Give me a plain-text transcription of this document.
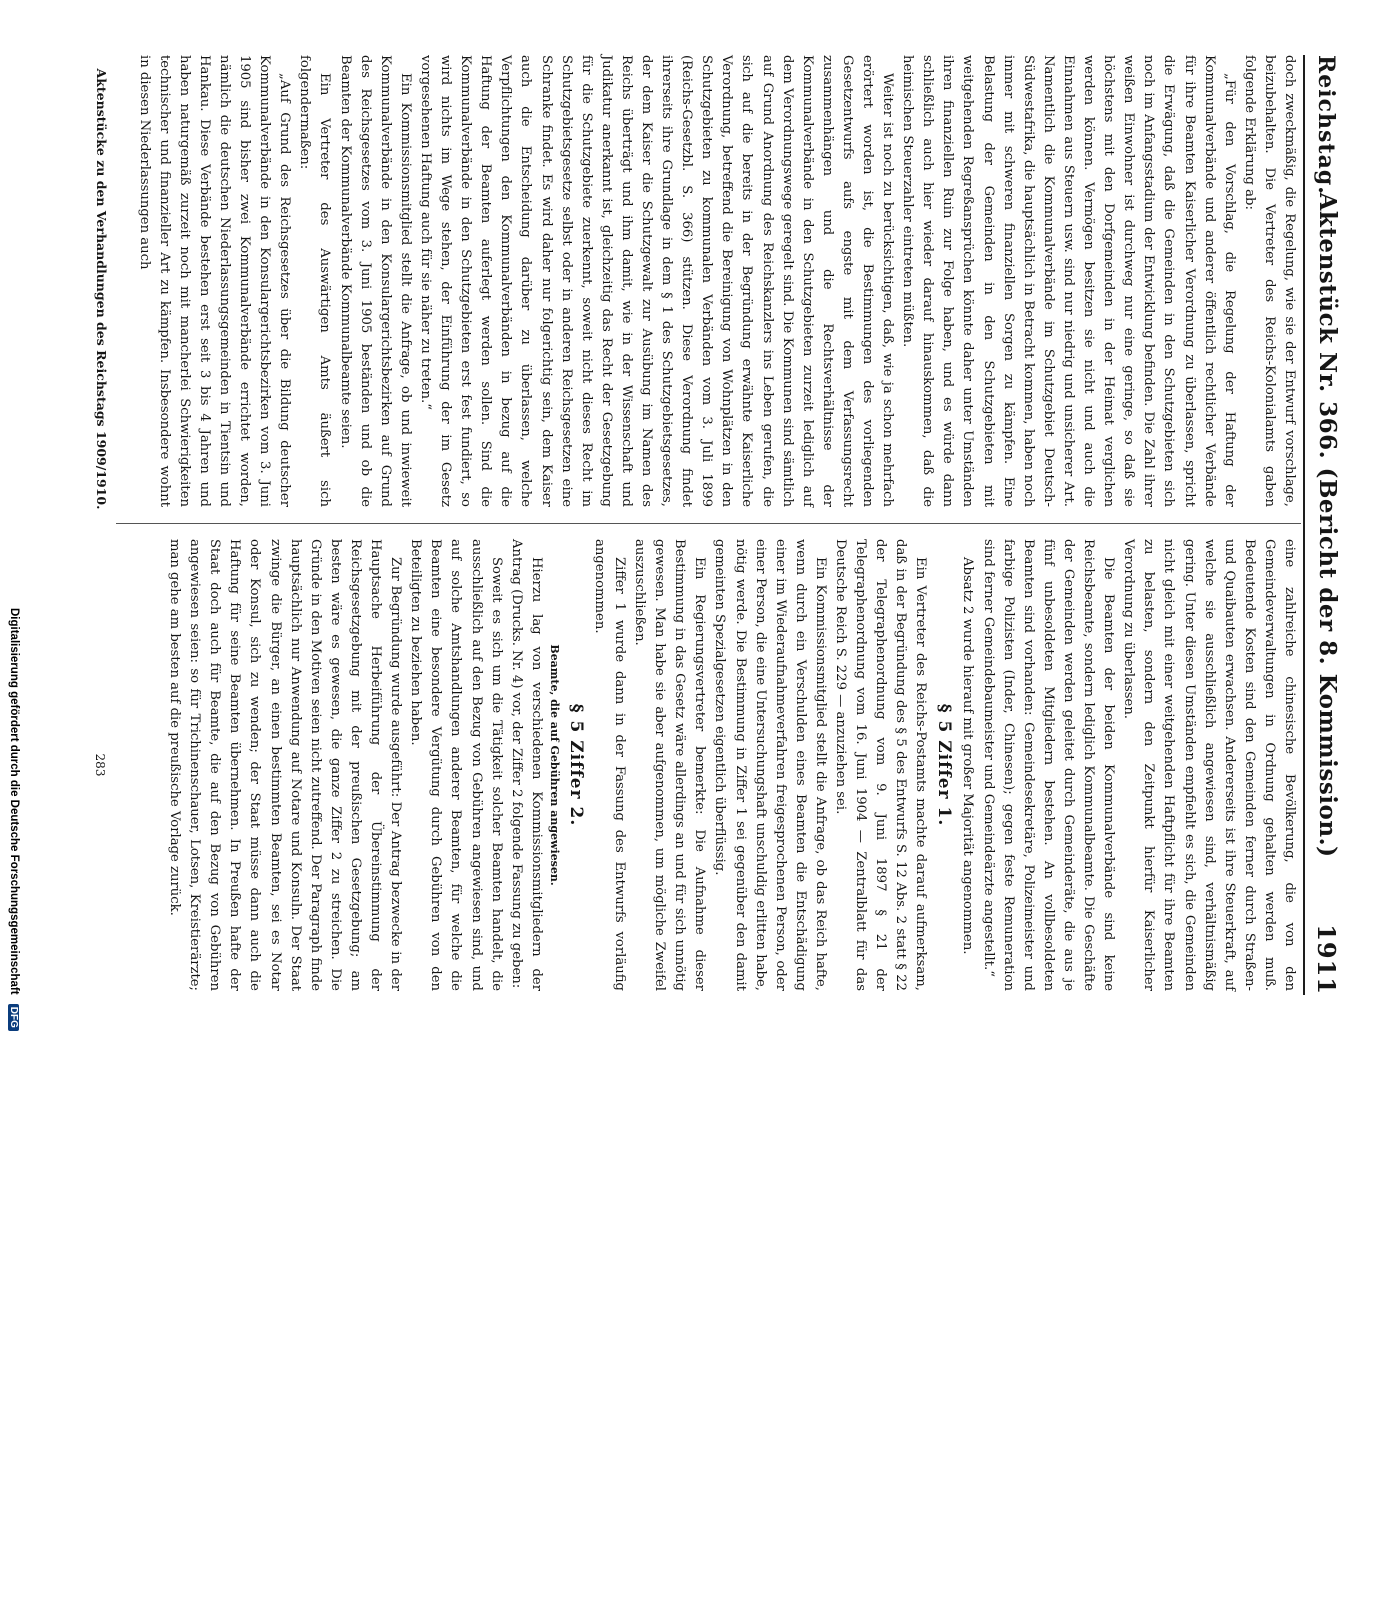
Digitalisierung gefördert durch die Deutsche Forschungsgemeinschaft DFG
Reichstag.
Aktenstück Nr. 366. (Bericht der 8. Kommission.)
1911

doch zweckmäßig, die Regelung, wie sie der Entwurf vorschlage, beizubehalten. Die Vertreter des Reichs-Kolonialamts gaben folgende Erklärung ab:

„Für den Vorschlag, die Regelung der Haftung der Kommunalverbände und anderer öffentlich rechtlicher Verbände für ihre Beamten Kaiserlicher Verordnung zu überlassen, spricht die Erwägung, daß die Gemeinden in den Schutzgebieten sich noch im Anfangsstadium der Entwicklung befinden. Die Zahl ihrer weißen Einwohner ist durchweg nur eine geringe, so daß sie höchstens mit den Dorfgemeinden in der Heimat verglichen werden können. Vermögen besitzen sie nicht und auch die Einnahmen aus Steuern usw. sind nur niedrig und unsicherer Art. Namentlich die Kommunalverbände im Schutzgebiet Deutsch-Südwestafrika, die hauptsächlich in Betracht kommen, haben noch immer mit schweren finanziellen Sorgen zu kämpfen. Eine Belastung der Gemeinden in den Schutzgebieten mit weitgehenden Regreßansprüchen könnte daher unter Umständen ihren finanziellen Ruin zur Folge haben, und es würde dann schließlich auch hier wieder darauf hinauskommen, daß die heimischen Steuerzahler eintreten müßten.

Weiter ist noch zu berücksichtigen, daß, wie ja schon mehrfach erörtert worden ist, die Bestimmungen des vorliegenden Gesetzentwurfs aufs engste mit dem Verfassungsrecht zusammenhängen und die Rechtsverhältnisse der Kommunalverbände in den Schutzgebieten zurzeit lediglich auf dem Verordnungswege geregelt sind. Die Kommunen sind sämtlich auf Grund Anordnung des Reichskanzlers ins Leben gerufen, die sich auf die bereits in der Begründung erwähnte Kaiserliche Verordnung, betreffend die Bereinigung von Wohnplätzen in den Schutzgebieten zu kommunalen Verbänden vom 3. Juli 1899 (Reichs-Gesetzbl. S. 366) stützen. Diese Verordnung findet ihrerseits ihre Grundlage in dem § 1 des Schutzgebietsgesetzes, der dem Kaiser die Schutzgewalt zur Ausübung im Namen des Reichs überträgt und ihm damit, wie in der Wissenschaft und Judikatur anerkannt ist, gleichzeitig das Recht der Gesetzgebung für die Schutzgebiete zuerkennt, soweit nicht dieses Recht im Schutzgebietsgesetze selbst oder in anderen Reichsgesetzen eine Schranke findet. Es wird daher nur folgerichtig sein, dem Kaiser auch die Entscheidung darüber zu überlassen, welche Verpflichtungen den Kommunalverbänden in bezug auf die Haftung der Beamten auferlegt werden sollen. Sind die Kommunalverbände in den Schutzgebieten erst fest fundiert, so wird nichts im Wege stehen, der Einführung der im Gesetz vorgesehenen Haftung auch für sie näher zu treten.“

Ein Kommissionsmitglied stellt die Anfrage, ob und inwieweit Kommunalverbände in den Konsulargerichtsbezirken auf Grund des Reichsgesetzes vom 3. Juni 1905 beständen und ob die Beamten der Kommunalverbände Kommunalbeamte seien.

Ein Vertreter des Auswärtigen Amts äußert sich folgendermaßen:

„Auf Grund des Reichsgesetzes über die Bildung deutscher Kommunalverbände in den Konsulargerichtsbezirken vom 3. Juni 1905 sind bisher zwei Kommunalverbände errichtet worden, nämlich die deutschen Niederlassungsgemeinden in Tientsin und Hankau. Diese Verbände bestehen erst seit 3 bis 4 Jahren und haben naturgemäß zurzeit noch mit mancherlei Schwierigkeiten technischer und finanzieller Art zu kämpfen. Insbesondere wohnt in diesen Niederlassungen auch

eine zahlreiche chinesische Bevölkerung, die von den Gemeindeverwaltungen in Ordnung gehalten werden muß. Bedeutende Kosten sind den Gemeinden ferner durch Straßen- und Quaibauten erwachsen. Andererseits ist ihre Steuerkraft, auf welche sie ausschließlich angewiesen sind, verhältnismäßig gering. Unter diesen Umständen empfiehlt es sich, die Gemeinden nicht gleich mit einer weitgehenden Haftpflicht für ihre Beamten zu belasten, sondern den Zeitpunkt hierfür Kaiserlicher Verordnung zu überlassen.

Die Beamten der beiden Kommunalverbände sind keine Reichsbeamte, sondern lediglich Kommunalbeamte. Die Geschäfte der Gemeinden werden geleitet durch Gemeinderäte, die aus je fünf unbesoldeten Mitgliedern bestehen. An vollbesoldeten Beamten sind vorhanden: Gemeindesekretäre, Polizeimeister und farbige Polizisten (Inder, Chinesen); gegen feste Remuneration sind ferner Gemeindebaumeister und Gemeindeärzte angestellt.“

Absatz 2 wurde hierauf mit großer Majorität angenommen.

§ 5 Ziffer 1.

Ein Vertreter des Reichs-Postamts machte darauf aufmerksam, daß in der Begründung des § 5 des Entwurfs S. 12 Abs. 2 statt § 22 der Telegraphenordnung vom 9. Juni 1897 § 21 der Telegraphenordnung vom 16. Juni 1904 — Zentralblatt für das Deutsche Reich S. 229 — anzuziehen sei.

Ein Kommissionsmitglied stellt die Anfrage, ob das Reich hafte, wenn durch ein Verschulden eines Beamten die Entschädigung einer im Wiederaufnahmeverfahren freigesprochenen Person, oder einer Person, die eine Untersuchungshaft unschuldig erlitten habe, nötig werde. Die Bestimmung in Ziffer 1 sei gegenüber den damit gemeinten Spezialgesetzen eigentlich überflüssig.

Ein Regierungsvertreter bemerkte: Die Aufnahme dieser Bestimmung in das Gesetz wäre allerdings an und für sich unnötig gewesen. Man habe sie aber aufgenommen, um mögliche Zweifel auszuschließen.

Ziffer 1 wurde dann in der Fassung des Entwurfs vorläufig angenommen.

§ 5 Ziffer 2.

Beamte, die auf Gebühren angewiesen.

Hierzu lag von verschiedenen Kommissionsmitgliedern der Antrag (Drucks. Nr. 4) vor, der Ziffer 2 folgende Fassung zu geben:

Soweit es sich um die Tätigkeit solcher Beamten handelt, die ausschließlich auf den Bezug von Gebühren angewiesen sind, und auf solche Amtshandlungen anderer Beamten, für welche die Beamten eine besondere Vergütung durch Gebühren von den Beteiligten zu beziehen haben.

Zur Begründung wurde ausgeführt: Der Antrag bezwecke in der Hauptsache Herbeiführung der Übereinstimmung der Reichsgesetzgebung mit der preußischen Gesetzgebung; am besten wäre es gewesen, die ganze Ziffer 2 zu streichen. Die Gründe in den Motiven seien nicht zutreffend. Der Paragraph finde hauptsächlich nur Anwendung auf Notare und Konsuln. Der Staat zwinge die Bürger, an einen bestimmten Beamten, sei es Notar oder Konsul, sich zu wenden; der Staat müsse dann auch die Haftung für seine Beamten übernehmen. In Preußen hafte der Staat doch auch für Beamte, die auf den Bezug von Gebühren angewiesen seien: so für Trichinenschauer, Lotsen, Kreistierärzte; man gehe am besten auf die preußische Vorlage zurück.

Aktenstücke zu den Verhandlungen des Reichstags 1909/1910.
283
